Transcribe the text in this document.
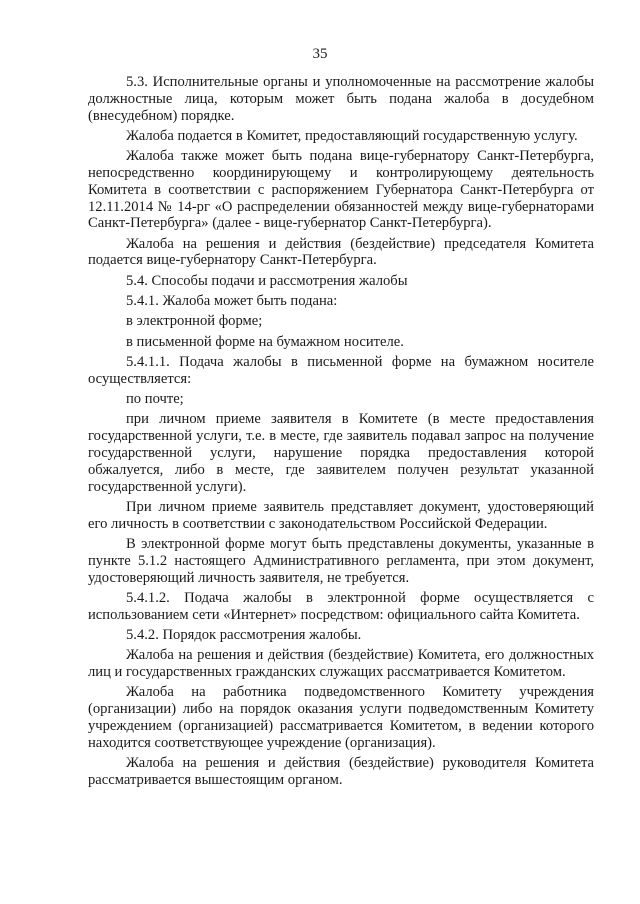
35

5.3. Исполнительные органы и уполномоченные на рассмотрение жалобы должностные лица, которым может быть подана жалоба в досудебном (внесудебном) порядке.

Жалоба подается в Комитет, предоставляющий государственную услугу.

Жалоба также может быть подана вице-губернатору Санкт-Петербурга, непосредственно координирующему и контролирующему деятельность Комитета в соответствии с распоряжением Губернатора Санкт-Петербурга от 12.11.2014 № 14-рг «О распределении обязанностей между вице-губернаторами Санкт-Петербурга» (далее - вице-губернатор Санкт-Петербурга).

Жалоба на решения и действия (бездействие) председателя Комитета подается вице-губернатору Санкт-Петербурга.

5.4. Способы подачи и рассмотрения жалобы

5.4.1. Жалоба может быть подана:

в электронной форме;

в письменной форме на бумажном носителе.

5.4.1.1. Подача жалобы в письменной форме на бумажном носителе осуществляется:

по почте;

при личном приеме заявителя в Комитете (в месте предоставления государственной услуги, т.е. в месте, где заявитель подавал запрос на получение государственной услуги, нарушение порядка предоставления которой обжалуется, либо в месте, где заявителем получен результат указанной государственной услуги).

При личном приеме заявитель представляет документ, удостоверяющий его личность в соответствии с законодательством Российской Федерации.

В электронной форме могут быть представлены документы, указанные в пункте 5.1.2 настоящего Административного регламента, при этом документ, удостоверяющий личность заявителя, не требуется.

5.4.1.2. Подача жалобы в электронной форме осуществляется с использованием сети «Интернет» посредством: официального сайта Комитета.

5.4.2. Порядок рассмотрения жалобы.

Жалоба на решения и действия (бездействие) Комитета, его должностных лиц и государственных гражданских служащих рассматривается Комитетом.

Жалоба на работника подведомственного Комитету учреждения (организации) либо на порядок оказания услуги подведомственным Комитету учреждением (организацией) рассматривается Комитетом, в ведении которого находится соответствующее учреждение (организация).

Жалоба на решения и действия (бездействие) руководителя Комитета рассматривается вышестоящим органом.
